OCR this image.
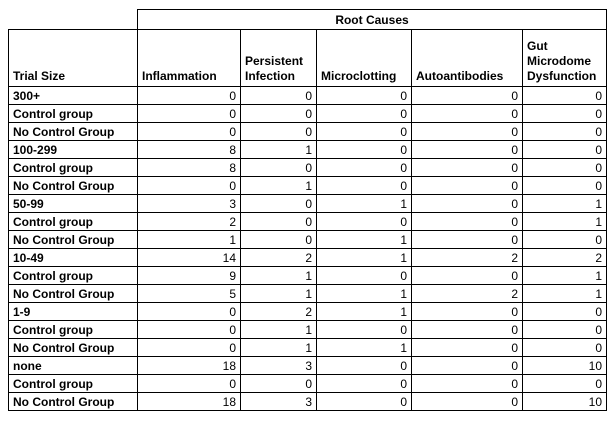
	Root Causes				
Trial Size	Inflammation	Persistent Infection	Microclotting	Autoantibodies	Gut Microdome Dysfunction
300+	0	0	0	0	0
Control group	0	0	0	0	0
No Control Group	0	0	0	0	0
100-299	8	1	0	0	0
Control group	8	0	0	0	0
No Control Group	0	1	0	0	0
50-99	3	0	1	0	1
Control group	2	0	0	0	1
No Control Group	1	0	1	0	0
10-49	14	2	1	2	2
Control group	9	1	0	0	1
No Control Group	5	1	1	2	1
1-9	0	2	1	0	0
Control group	0	1	0	0	0
No Control Group	0	1	1	0	0
none	18	3	0	0	10
Control group	0	0	0	0	0
No Control Group	18	3	0	0	10
